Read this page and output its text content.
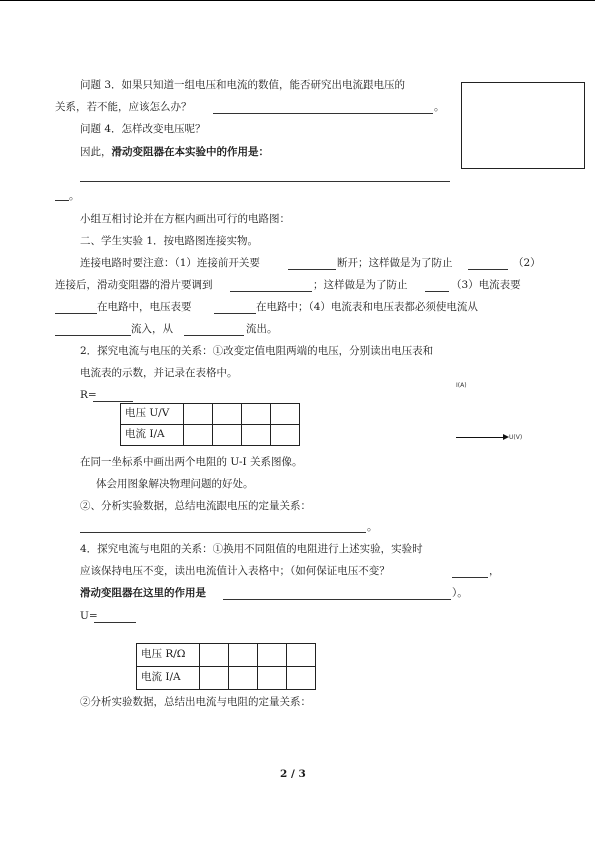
问题 3．如果只知道一组电压和电流的数值，能否研究出电流跟电压的
关系，若不能，应该怎么办？	。
问题 4．怎样改变电压呢？
因此，滑动变阻器在本实验中的作用是：
。
小组互相讨论并在方框内画出可行的电路图：
二、学生实验 1．按电路图连接实物。
连接电路时要注意：（1）连接前开关要	断开；这样做是为了防止	（2）
连接后，滑动变阻器的滑片要调到	；这样做是为了防止	（3）电流表要
在电路中，电压表要	在电路中；（4）电流表和电压表都必须使电流从
流入，从	流出。
2．探究电流与电压的关系：①改变定值电阻两端的电压，分别读出电压表和
电流表的示数，并记录在表格中。
R=
电压 U/V				
电流 I/A				
I(A)
U(V)
在同一坐标系中画出两个电阻的 U-I 关系图像。
体会用图象解决物理问题的好处。
②、分析实验数据，总结电流跟电压的定量关系：
。
4．探究电流与电阻的关系：①换用不同阻值的电阻进行上述实验，实验时
应该保持电压不变，读出电流值计入表格中；（如何保证电压不变？	，
滑动变阻器在这里的作用是	）。
U=
电压 R/Ω				
电流 I/A				
②分析实验数据，总结出电流与电阻的定量关系：
2 / 3
